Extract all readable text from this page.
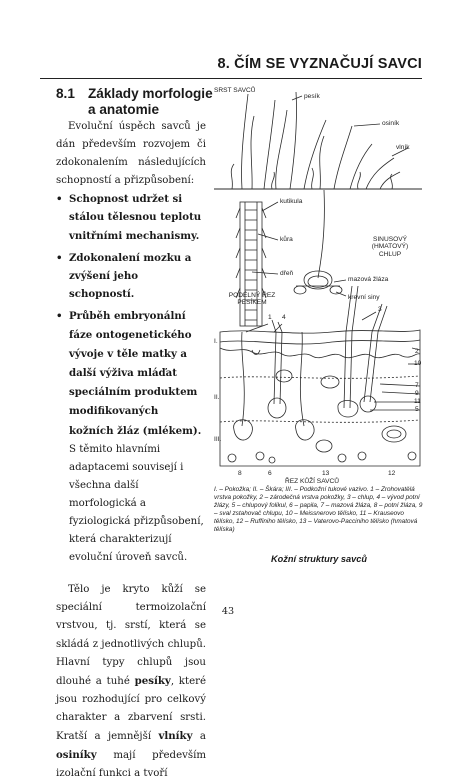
8. ČÍM SE VYZNAČUJÍ SAVCI
8.1 Základy morfologie a anatomie

Evoluční úspěch savců je dán především rozvojem či zdokonalením následujících schopností a přizpůsobení:

• Schopnost udržet si stálou tělesnou teplotu vnitřními mechanismy.
• Zdokonalení mozku a zvýšení jeho schopností.
• Průběh embryonální fáze ontogenetického vývoje v těle matky a další výživa mláďat speciálním produktem modifikovaných kožních žláz (mlékem). S těmito hlavními adaptacemi souvisejí i všechna další morfologická a fyziologická přizpůsobení, která charakterizují evoluční úroveň savců.

Tělo je kryto kůží se speciální termoizolační vrstvou, tj. srstí, která se skládá z jednotlivých chlupů. Hlavní typy chlupů jsou dlouhé a tuhé pesíky, které jsou rozhodující pro celkový charakter a zbarvení srsti. Kratší a jemnější vlníky a osiníky mají především izolační funkci a tvoří

SRST SAVCŮ
pesík
osiník
vlník
kutikula
kůra
dřeň
PODÉLNÝ ŘEZ
PESÍKEM
SINUSOVÝ
(HMATOVÝ)
CHLUP
mazová žláza
krevní siny
I.
II.
III.
1 4
3
2
10
7
9
11
5
8	6	13	12
ŘEZ KŮŽÍ SAVCŮ
I. – Pokožka; II. – Škára; III. – Podkožní tukové vazivo. 1 – Zrohovatělá vrstva pokožky, 2 – zárodečná vrstva pokožky, 3 – chlup, 4 – vývod potní žlázy, 5 – chlupový folikul, 6 – papila, 7 – mazová žláza, 8 – potní žláza, 9 – sval zstahovač chlupu, 10 – Meissnerovo tělísko, 11 – Krauseovo tělísko, 12 – Ruffiniho tělísko, 13 – Vaterovo-Pacciniho tělísko (hmatová tělíska)
Kožní struktury savců
43
